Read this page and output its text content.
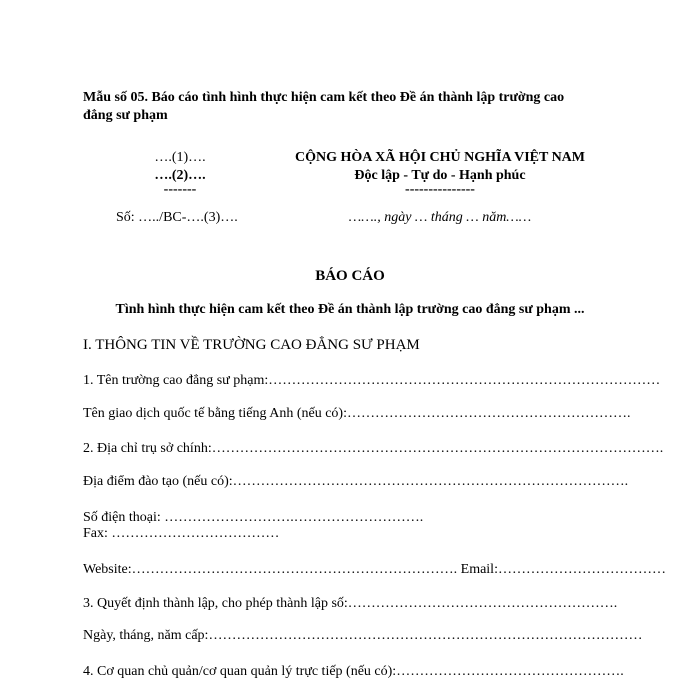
Mẫu số 05. Báo cáo tình hình thực hiện cam kết theo Đề án thành lập trường cao
đẳng sư phạm
….(1)….
….(2)….
-------
Số: …../BC-….(3)….
CỘNG HÒA XÃ HỘI CHỦ NGHĨA VIỆT NAM
Độc lập - Tự do - Hạnh phúc
---------------
……., ngày … tháng … năm……
BÁO CÁO
Tình hình thực hiện cam kết theo Đề án thành lập trường cao đẳng sư phạm ...
I. THÔNG TIN VỀ TRƯỜNG CAO ĐẲNG SƯ PHẠM
1. Tên trường cao đẳng sư phạm:…………………………………………………………………………
Tên giao dịch quốc tế bằng tiếng Anh (nếu có):…………………………………………………….
2. Địa chỉ trụ sở chính:…………………………………………………………………………………….
Địa điểm đào tạo (nếu có):………………………………………………………………………….
Số điện thoại: ……………………….……………………….
Fax: ………………………………
Website:……………………………………………………………. Email:………………………………
3. Quyết định thành lập, cho phép thành lập số:………………………………………………….
Ngày, tháng, năm cấp:…………………………………………………………………………………
4. Cơ quan chủ quản/cơ quan quản lý trực tiếp (nếu có):………………………………………….
